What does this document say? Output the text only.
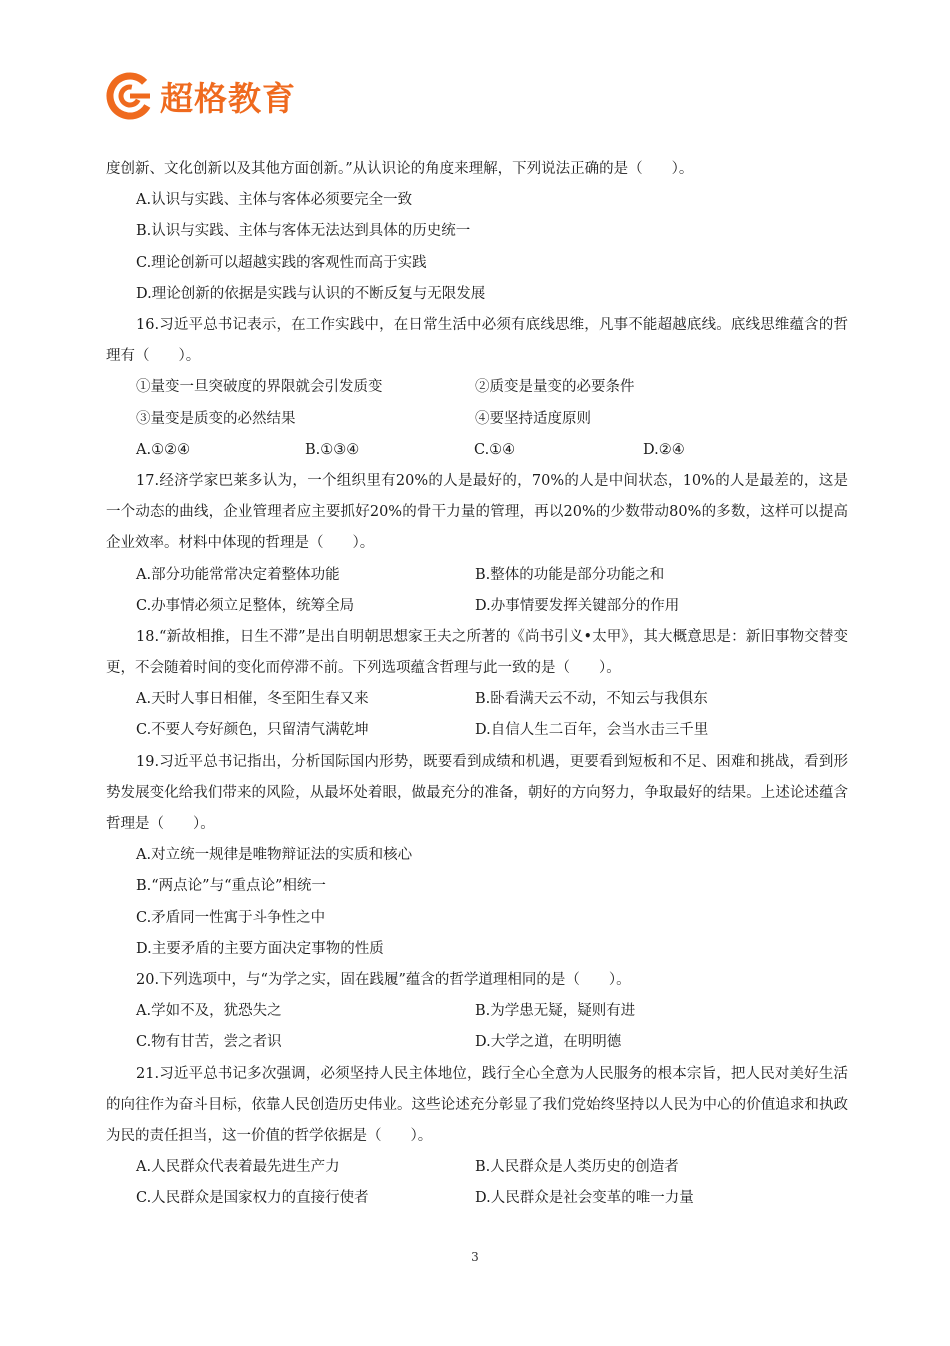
超格教育
度创新、文化创新以及其他方面创新。”从认识论的角度来理解，下列说法正确的是（　　）。
A.认识与实践、主体与客体必须要完全一致
B.认识与实践、主体与客体无法达到具体的历史统一
C.理论创新可以超越实践的客观性而高于实践
D.理论创新的依据是实践与认识的不断反复与无限发展
16.习近平总书记表示，在工作实践中，在日常生活中必须有底线思维，凡事不能超越底线。底线思维蕴含的哲理有（　　）。
①量变一旦突破度的界限就会引发质变	②质变是量变的必要条件
③量变是质变的必然结果	④要坚持适度原则
A.①②④	B.①③④	C.①④	D.②④
17.经济学家巴莱多认为，一个组织里有20%的人是最好的，70%的人是中间状态，10%的人是最差的，这是一个动态的曲线，企业管理者应主要抓好20%的骨干力量的管理，再以20%的少数带动80%的多数，这样可以提高企业效率。材料中体现的哲理是（　　）。
A.部分功能常常决定着整体功能	B.整体的功能是部分功能之和
C.办事情必须立足整体，统筹全局	D.办事情要发挥关键部分的作用
18.“新故相推，日生不滞”是出自明朝思想家王夫之所著的《尚书引义•太甲》，其大概意思是：新旧事物交替变更，不会随着时间的变化而停滞不前。下列选项蕴含哲理与此一致的是（　　）。
A.天时人事日相催，冬至阳生春又来	B.卧看满天云不动，不知云与我俱东
C.不要人夸好颜色，只留清气满乾坤	D.自信人生二百年，会当水击三千里
19.习近平总书记指出，分析国际国内形势，既要看到成绩和机遇，更要看到短板和不足、困难和挑战，看到形势发展变化给我们带来的风险，从最坏处着眼，做最充分的准备，朝好的方向努力，争取最好的结果。上述论述蕴含哲理是（　　）。
A.对立统一规律是唯物辩证法的实质和核心
B.“两点论”与“重点论”相统一
C.矛盾同一性寓于斗争性之中
D.主要矛盾的主要方面决定事物的性质
20.下列选项中，与“为学之实，固在践履”蕴含的哲学道理相同的是（　　）。
A.学如不及，犹恐失之	B.为学患无疑，疑则有进
C.物有甘苦，尝之者识	D.大学之道，在明明德
21.习近平总书记多次强调，必须坚持人民主体地位，践行全心全意为人民服务的根本宗旨，把人民对美好生活的向往作为奋斗目标，依靠人民创造历史伟业。这些论述充分彰显了我们党始终坚持以人民为中心的价值追求和执政为民的责任担当，这一价值的哲学依据是（　　）。
A.人民群众代表着最先进生产力	B.人民群众是人类历史的创造者
C.人民群众是国家权力的直接行使者	D.人民群众是社会变革的唯一力量
3
